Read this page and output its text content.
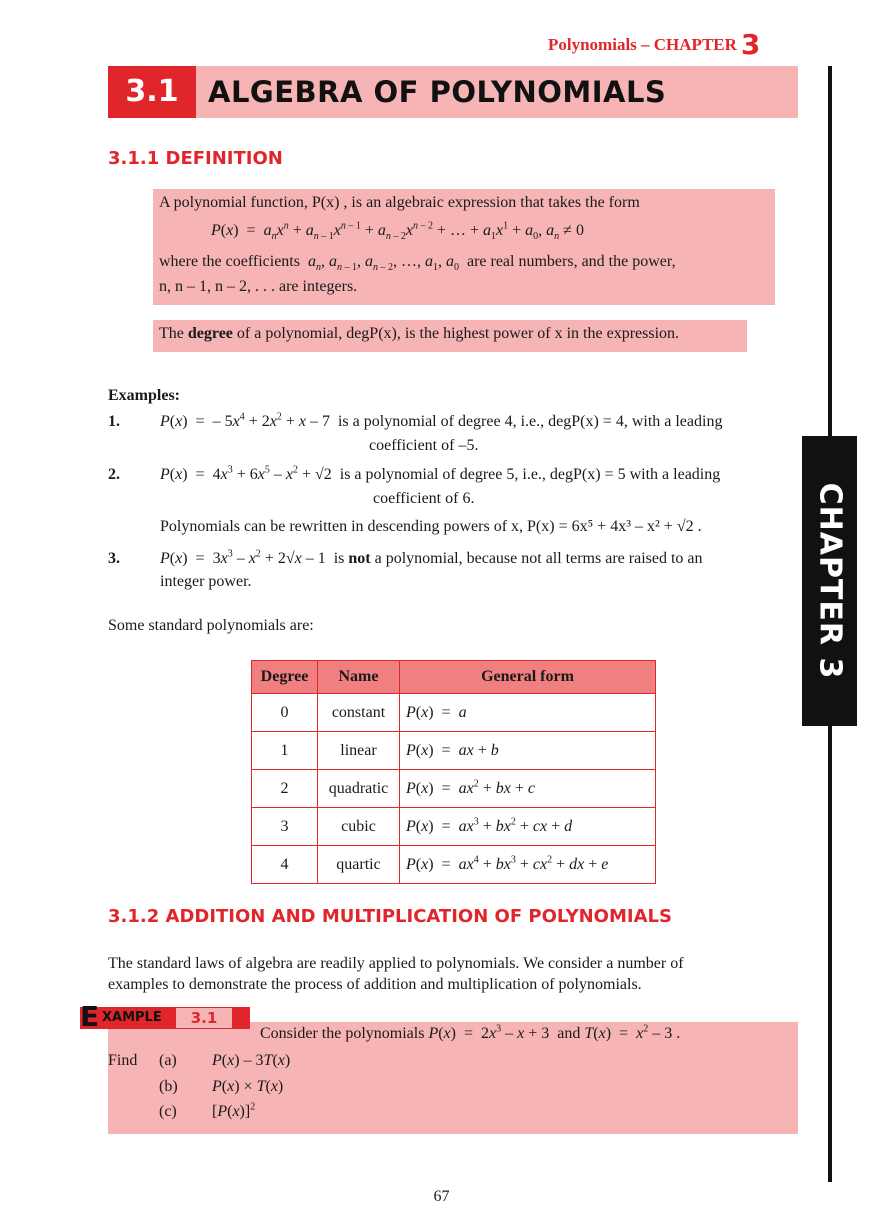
Polynomials – CHAPTER 3
CHAPTER 3
3.1	ALGEBRA OF POLYNOMIALS
3.1.1 DEFINITION
A polynomial function, P(x) , is an algebraic expression that takes the form
$P(x) = a_nx^n + a_{n - 1}x^{n - 1} + a_{n - 2}x^{n - 2}$ + … + $a_1x^1 + a_0$, $a_n \ne 0$
where the coefficients $a_n$, $a_{n - 1}$, $a_{n - 2}$, …, $a_1$, $a_0$ are real numbers, and the power,
n, n – 1, n – 2, . . . are integers.
The degree of a polynomial, degP(x), is the highest power of x in the expression.
Examples:
1.	P(x)  =  – $5x^4 + 2x^2 + x - 7$  is a polynomial of degree 4, i.e., degP(x) = 4, with a leading
coefficient of –5.
2.	$P(x) = 4x^3 + 6x^5 - x^2 + √2$  is a polynomial of degree 5, i.e., degP(x) = 5 with a leading
coefficient of 6.
Polynomials can be rewritten in descending powers of x, P(x) = 6x⁵ + 4x³ – x² + √2 .
3.	$P(x) = 3x^3 - x^2 + 2√x - 1$  is not a polynomial, because not all terms are raised to an
integer power.
Some standard polynomials are:
Degree	Name	General form
0	constant	P(x)  =  a
1	linear	P(x)  =  ax + b
2	quadratic	$P(x) = ax^2$ + bx + c
3	cubic	$P(x) = ax^3 + bx^2$ + cx + d
4	quartic	$P(x) = ax^4 + bx^3 + cx^2$ + dx + e
3.1.2 ADDITION AND MULTIPLICATION OF POLYNOMIALS
The standard laws of algebra are readily applied to polynomials. We consider a number of
examples to demonstrate the process of addition and multiplication of polynomials.
Consider the polynomials $P(x) = 2x^3 - x + 3$  and $T(x) = x^2 - 3$ .
Find (a) P(x) – 3T(x)
(b) P(x) × T(x)
(c) $[P(x)]^2$
E XAMPLE	3.1
67
